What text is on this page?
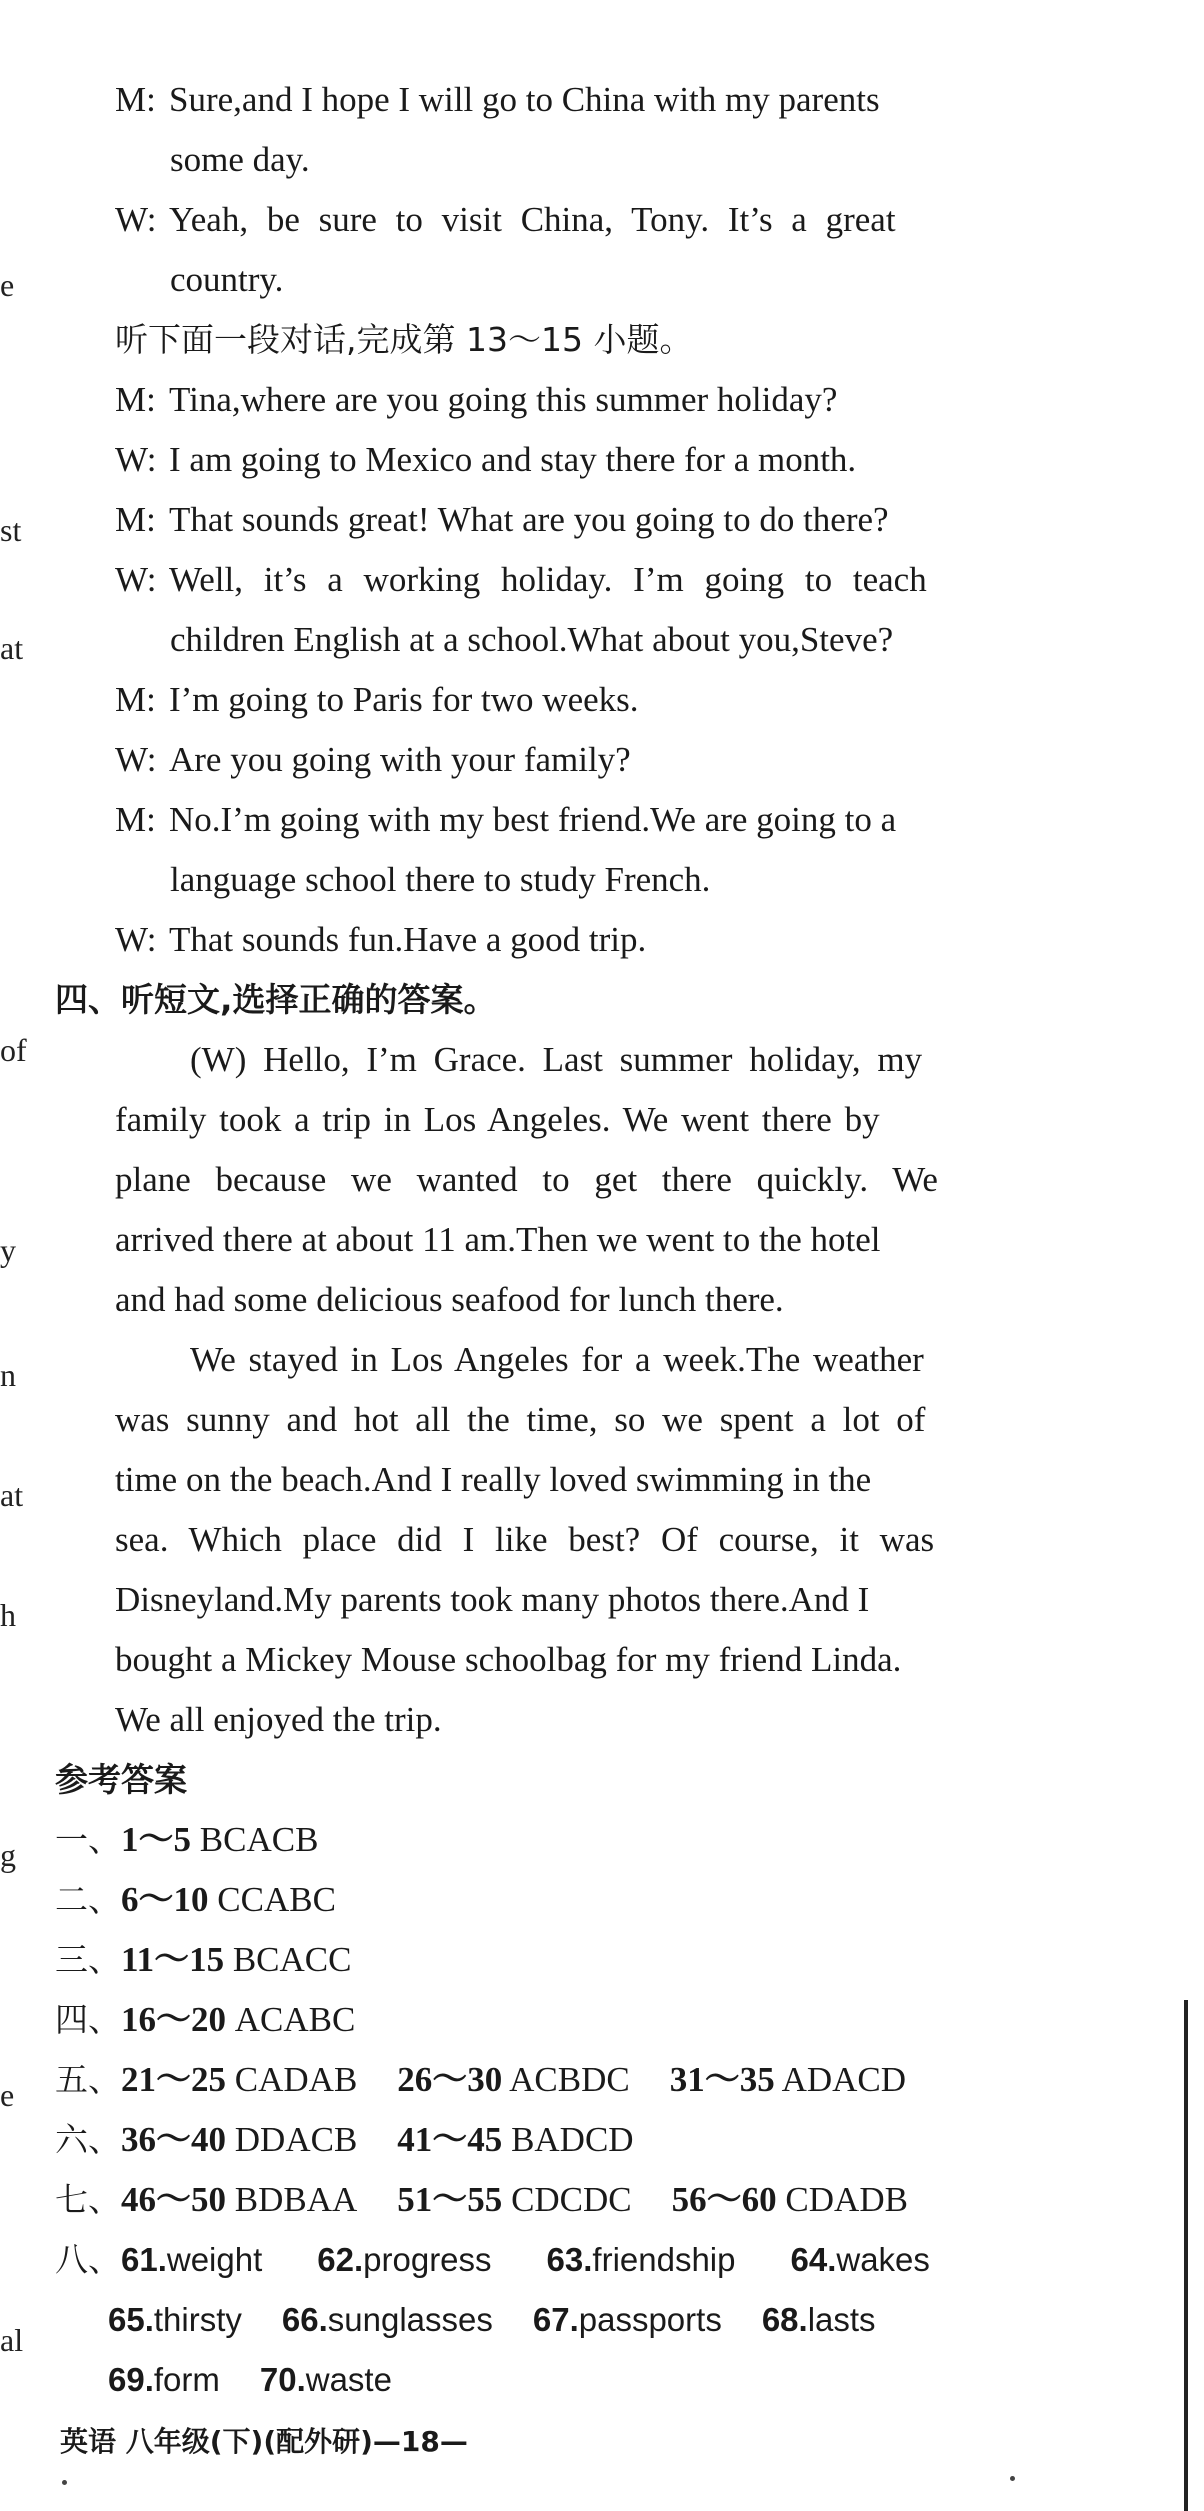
e
st
at
of
y
n
at
h
g
e
al
M: Sure,and I hope I will go to China with my parents
some day.
W: Yeah, be sure to visit China, Tony. It’s a great
country.
听下面一段对话,完成第 13～15 小题。
M: Tina,where are you going this summer holiday?
W: I am going to Mexico and stay there for a month.
M: That sounds great! What are you going to do there?
W: Well, it’s a working holiday. I’m going to teach
children English at a school.What about you,Steve?
M: I’m going to Paris for two weeks.
W: Are you going with your family?
M: No.I’m going with my best friend.We are going to a
language school there to study French.
W: That sounds fun.Have a good trip.
四、听短文,选择正确的答案。
(W) Hello, I’m Grace. Last summer holiday, my
family took a trip in Los Angeles. We went there by
plane because we wanted to get there quickly. We
arrived there at about 11 am.Then we went to the hotel
and had some delicious seafood for lunch there.
We stayed in Los Angeles for a week.The weather
was sunny and hot all the time, so we spent a lot of
time on the beach.And I really loved swimming in the
sea. Which place did I like best? Of course, it was
Disneyland.My parents took many photos there.And I
bought a Mickey Mouse schoolbag for my friend Linda.
We all enjoyed the trip.
参考答案
一、1～5 BCACB
二、6～10 CCABC
三、11～15 BCACC
四、16～20 ACABC
五、21～25 CADAB 26～30 ACBDC 31～35 ADACD
六、36～40 DDACB 41～45 BADCD
七、46～50 BDBAA 51～55 CDCDC 56～60 CDADB
八、61.weight 62.progress 63.friendship 64.wakes
65.thirsty 66.sunglasses 67.passports 68.lasts
69.form 70.waste
英语 八年级(下)(配外研)—18—
